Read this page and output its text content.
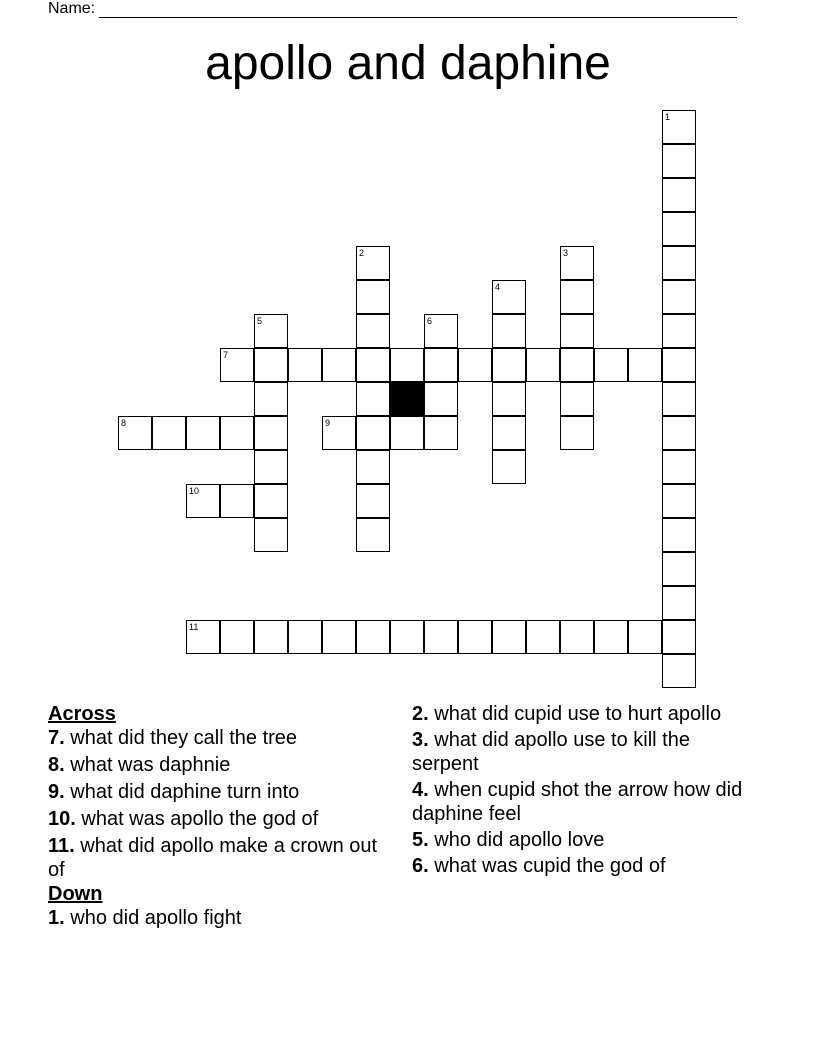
Name:
apollo and daphine
1
2	3
4
5	6
7
8	9
10
11
Across
7. what did they call the tree
8. what was daphnie
9. what did daphine turn into
10. what was apollo the god of
11. what did apollo make a crown out of
Down
1. who did apollo fight
2. what did cupid use to hurt apollo
3. what did apollo use to kill the serpent
4. when cupid shot the arrow how did daphine feel
5. who did apollo love
6. what was cupid the god of
